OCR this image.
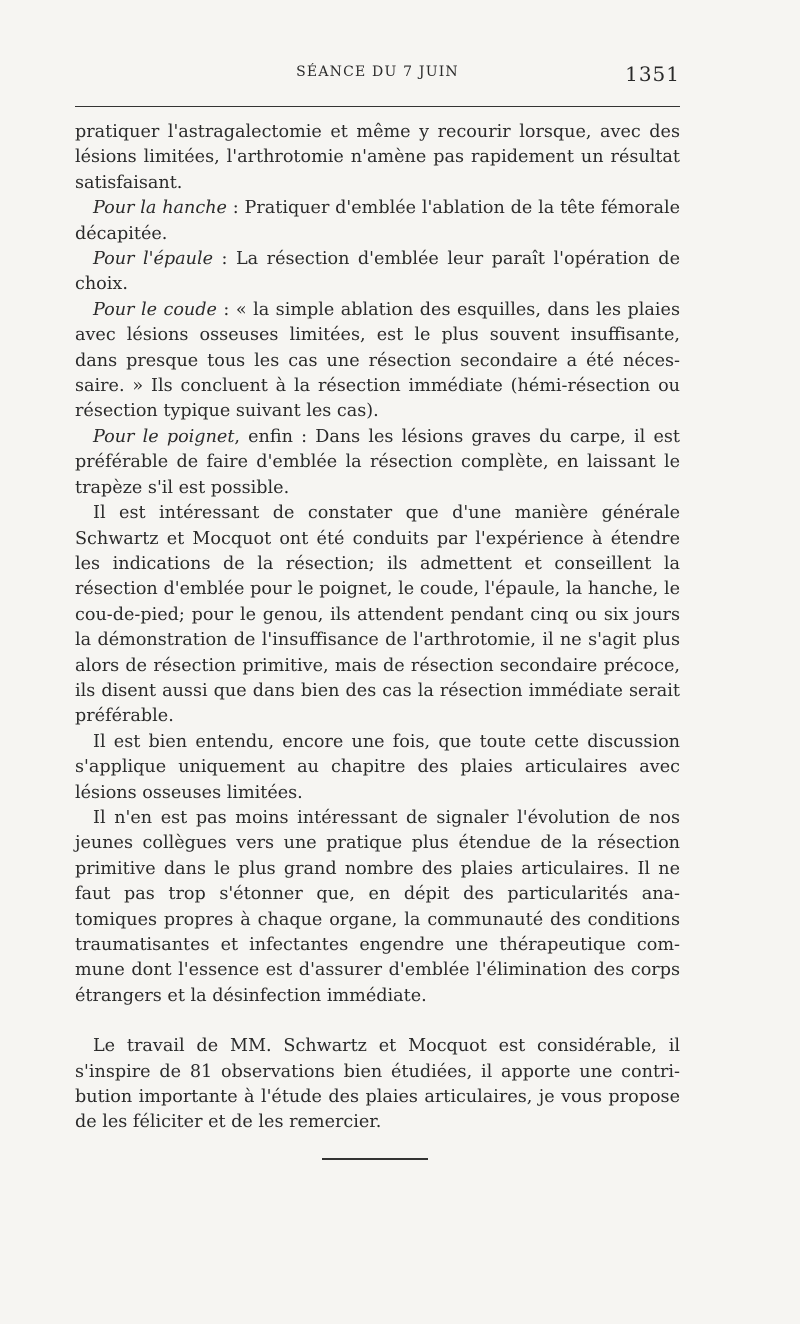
SÉANCE DU 7 JUIN	1351

pratiquer l'astragalectomie et même y recourir lorsque, avec des lésions limitées, l'arthrotomie n'amène pas rapidement un résultat satisfaisant.

Pour la hanche : Pratiquer d'emblée l'ablation de la tête fémorale décapitée.

Pour l'épaule : La résection d'emblée leur paraît l'opération de choix.

Pour le coude : « la simple ablation des esquilles, dans les plaies avec lésions osseuses limitées, est le plus souvent insuffisante, dans presque tous les cas une résection secondaire a été nécessaire. » Ils concluent à la résection immédiate (hémi-résection ou résection typique suivant les cas).

Pour le poignet, enfin : Dans les lésions graves du carpe, il est préférable de faire d'emblée la résection complète, en laissant le trapèze s'il est possible.

Il est intéressant de constater que d'une manière générale Schwartz et Mocquot ont été conduits par l'expérience à étendre les indications de la résection; ils admettent et conseillent la résection d'emblée pour le poignet, le coude, l'épaule, la hanche, le cou-de-pied; pour le genou, ils attendent pendant cinq ou six jours la démonstration de l'insuffisance de l'arthrotomie, il ne s'agit plus alors de résection primitive, mais de résection secondaire précoce, ils disent aussi que dans bien des cas la résection immédiate serait préférable.

Il est bien entendu, encore une fois, que toute cette discussion s'applique uniquement au chapitre des plaies articulaires avec lésions osseuses limitées.

Il n'en est pas moins intéressant de signaler l'évolution de nos jeunes collègues vers une pratique plus étendue de la résection primitive dans le plus grand nombre des plaies articulaires. Il ne faut pas trop s'étonner que, en dépit des particularités anatomiques propres à chaque organe, la communauté des conditions traumatisantes et infectantes engendre une thérapeutique commune dont l'essence est d'assurer d'emblée l'élimination des corps étrangers et la désinfection immédiate.

Le travail de MM. Schwartz et Mocquot est considérable, il s'inspire de 81 observations bien étudiées, il apporte une contribution importante à l'étude des plaies articulaires, je vous propose de les féliciter et de les remercier.
